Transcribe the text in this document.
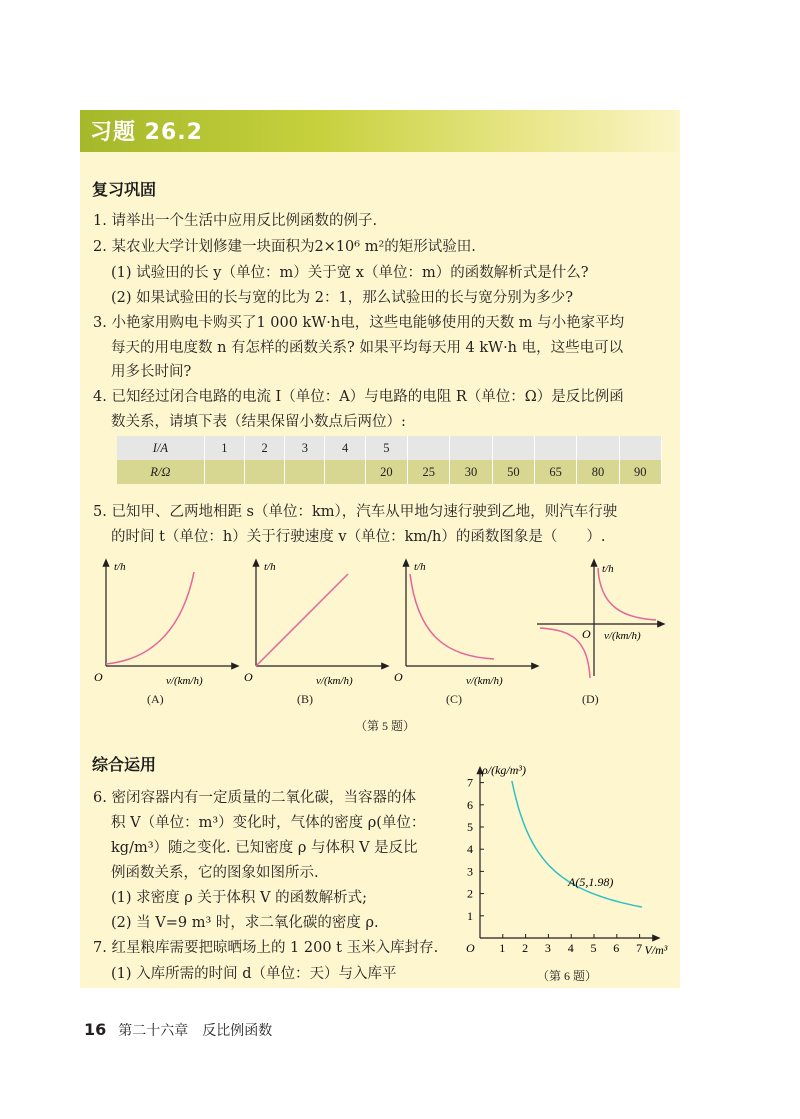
习题 26.2
复习巩固
1. 请举出一个生活中应用反比例函数的例子.
2. 某农业大学计划修建一块面积为2×10⁶ m²的矩形试验田.
(1) 试验田的长 y（单位：m）关于宽 x（单位：m）的函数解析式是什么?
(2) 如果试验田的长与宽的比为 2：1，那么试验田的长与宽分别为多少?
3. 小艳家用购电卡购买了1 000 kW·h电，这些电能够使用的天数 m 与小艳家平均
每天的用电度数 n 有怎样的函数关系? 如果平均每天用 4 kW·h 电，这些电可以
用多长时间?
4. 已知经过闭合电路的电流 I（单位：A）与电路的电阻 R（单位：Ω）是反比例函
数关系，请填下表（结果保留小数点后两位）:
I/A	1	2	3	4	5						
R/Ω					20	25	30	50	65	80	90
5. 已知甲、乙两地相距 s（单位：km），汽车从甲地匀速行驶到乙地，则汽车行驶
的时间 t（单位：h）关于行驶速度 v（单位：km/h）的函数图象是（　　）.
t/h
O	v/(km/h)
t/h
O	v/(km/h)
t/h
O	v/(km/h)
t/h
O v/(km/h)
(A)	(B)	(C)	(D)
（第 5 题）
综合运用
6. 密闭容器内有一定质量的二氧化碳，当容器的体
积 V（单位：m³）变化时，气体的密度 ρ(单位：
kg/m³）随之变化. 已知密度 ρ 与体积 V 是反比
例函数关系，它的图象如图所示.
(1) 求密度 ρ 关于体积 V 的函数解析式;
(2) 当 V=9 m³ 时，求二氧化碳的密度 ρ.
7. 红星粮库需要把晾晒场上的 1 200 t 玉米入库封存.
(1) 入库所需的时间 d（单位：天）与入库平
1 2 3 4 5 6 7
1
2
3
4
5
6
7
A(5,1.98)
ρ/(kg/m³)
V/m³
O
（第 6 题）
16 第二十六章　反比例函数
